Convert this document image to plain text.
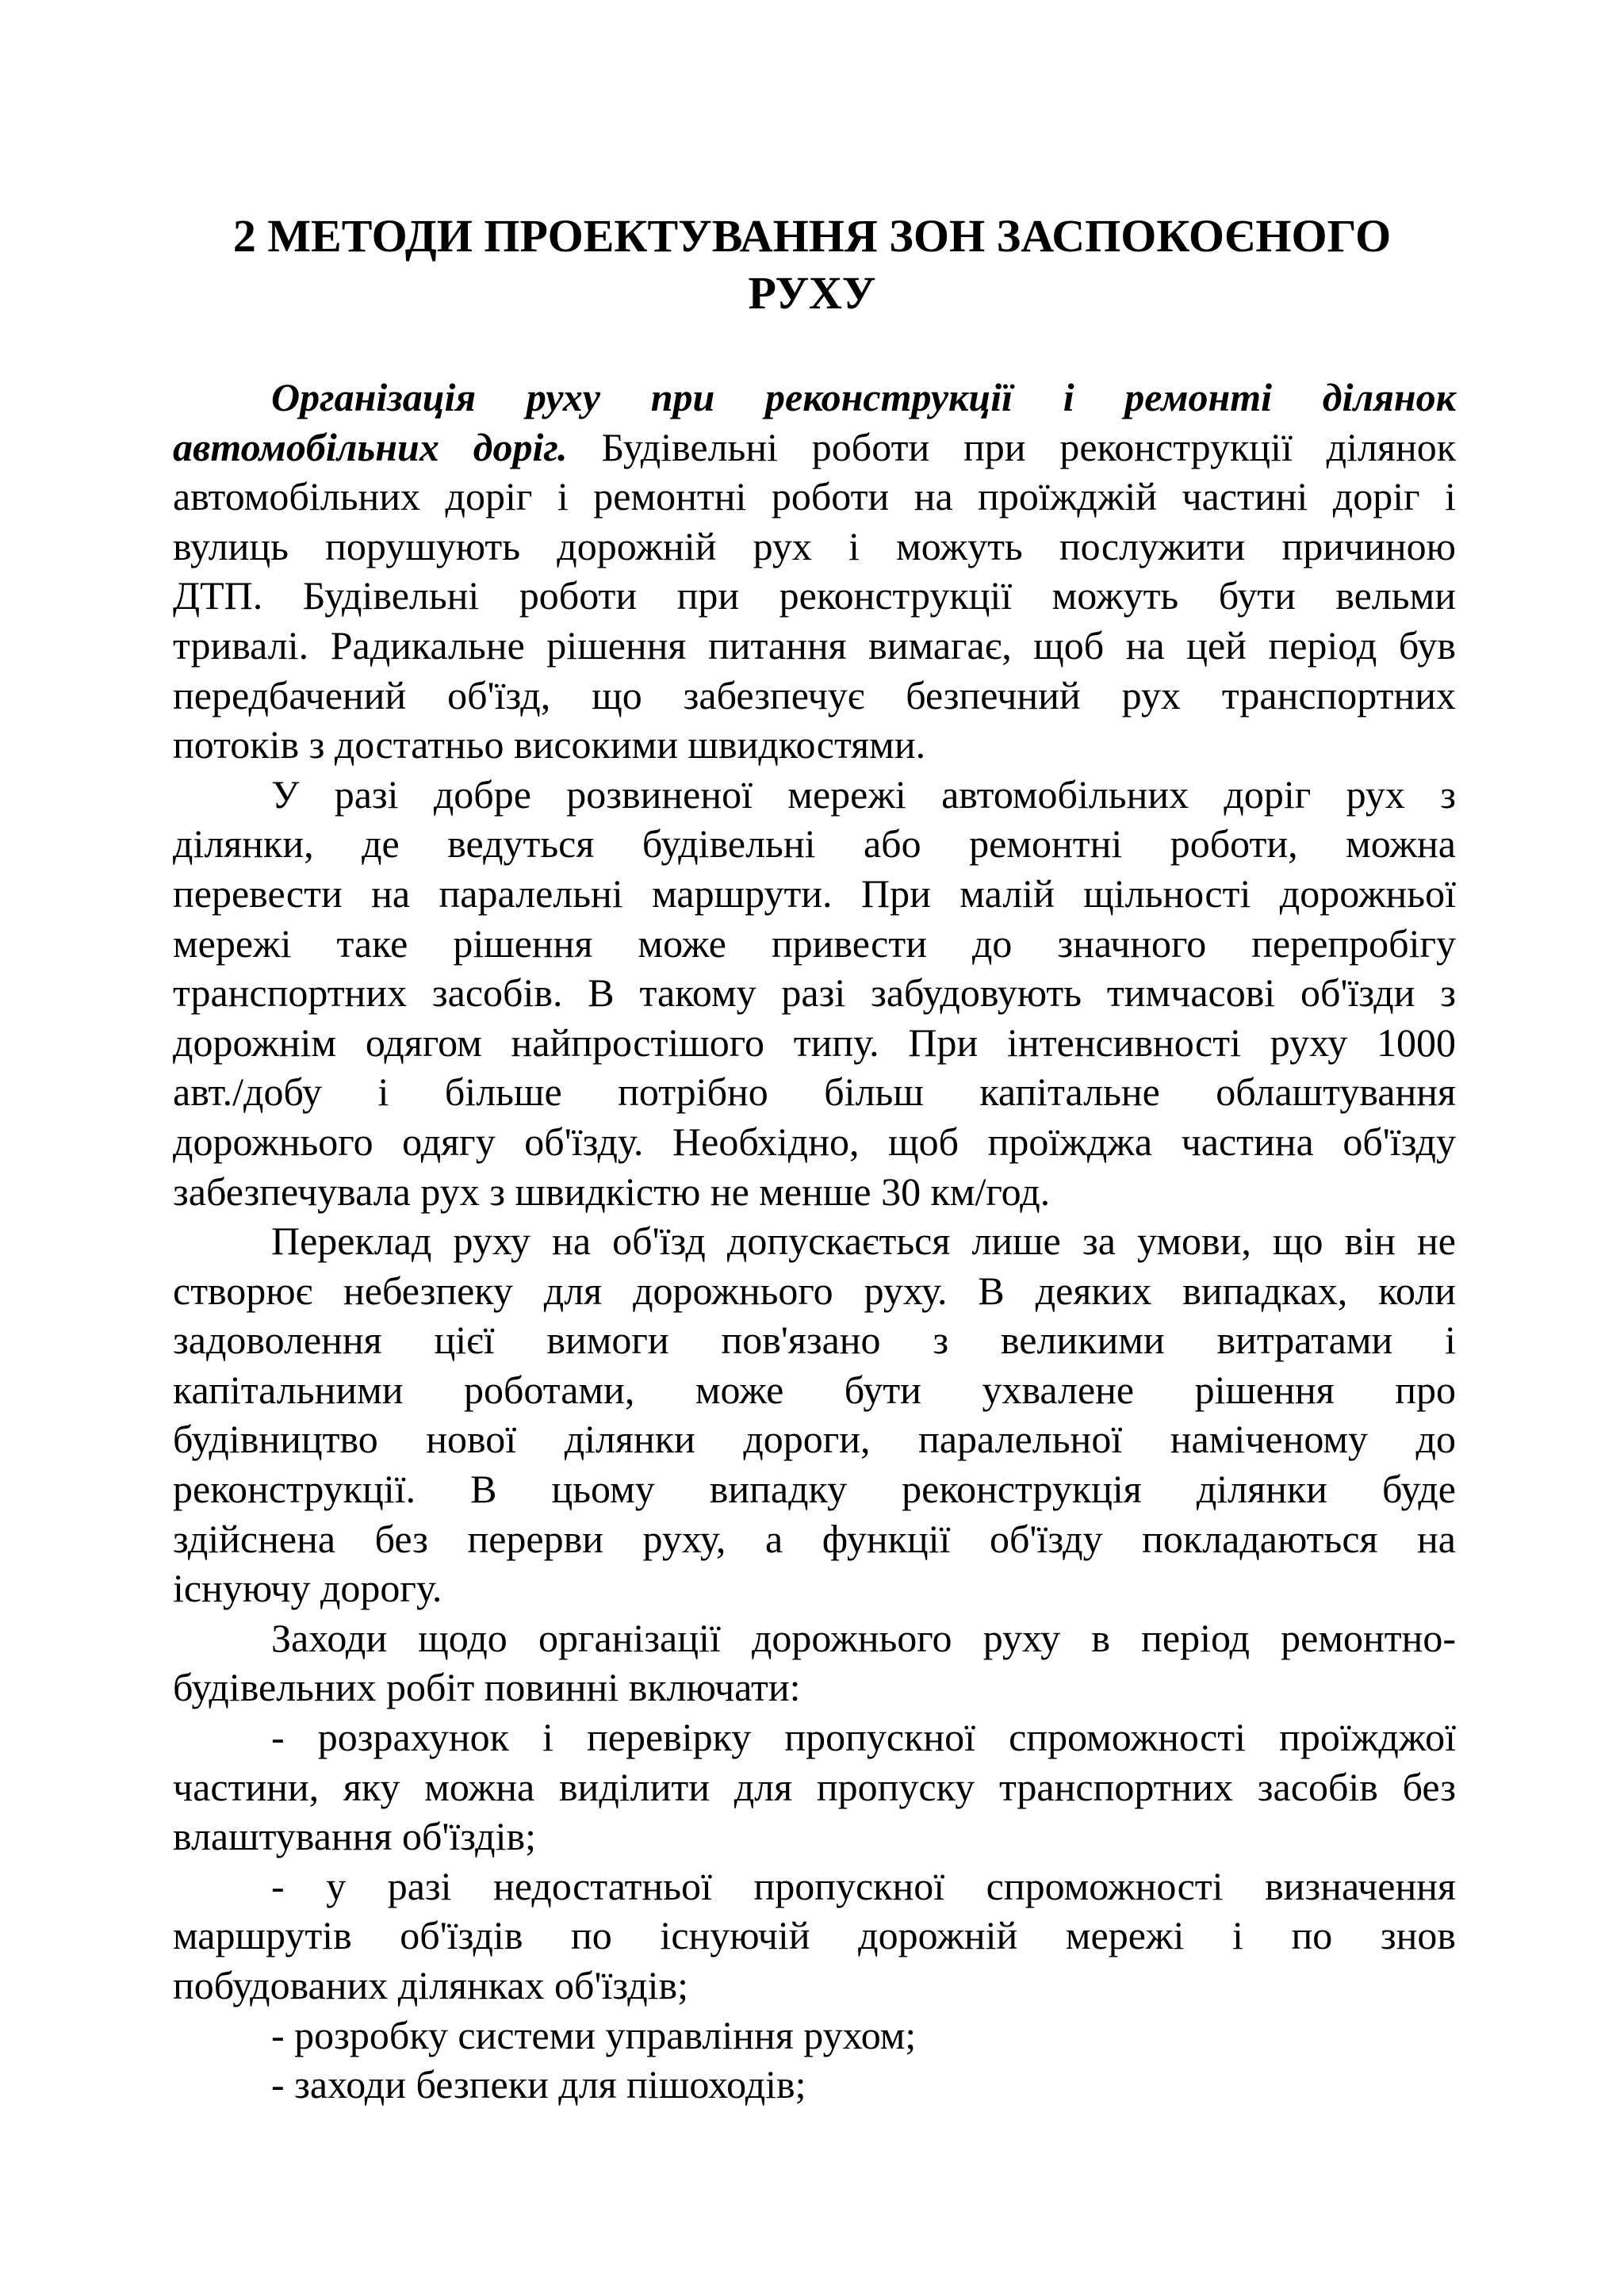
2 МЕТОДИ ПРОЕКТУВАННЯ ЗОН ЗАСПОКОЄНОГО
РУХУ
Організація руху при реконструкції і ремонті ділянок
автомобільних доріг. Будівельні роботи при реконструкції ділянок
автомобільних доріг і ремонтні роботи на проїжджій частині доріг і
вулиць порушують дорожній рух і можуть послужити причиною
ДТП. Будівельні роботи при реконструкції можуть бути вельми
тривалі. Радикальне рішення питання вимагає, щоб на цей період був
передбачений об'їзд, що забезпечує безпечний рух транспортних
потоків з достатньо високими швидкостями.
У разі добре розвиненої мережі автомобільних доріг рух з
ділянки, де ведуться будівельні або ремонтні роботи, можна
перевести на паралельні маршрути. При малій щільності дорожньої
мережі таке рішення може привести до значного перепробігу
транспортних засобів. В такому разі забудовують тимчасові об'їзди з
дорожнім одягом найпростішого типу. При інтенсивності руху 1000
авт./добу і більше потрібно більш капітальне облаштування
дорожнього одягу об'їзду. Необхідно, щоб проїжджа частина об'їзду
забезпечувала рух з швидкістю не менше 30 км/год.
Переклад руху на об'їзд допускається лише за умови, що він не
створює небезпеку для дорожнього руху. В деяких випадках, коли
задоволення цієї вимоги пов'язано з великими витратами і
капітальними роботами, може бути ухвалене рішення про
будівництво нової ділянки дороги, паралельної наміченому до
реконструкції. В цьому випадку реконструкція ділянки буде
здійснена без перерви руху, а функції об'їзду покладаються на
існуючу дорогу.
Заходи щодо організації дорожнього руху в період ремонтно-
будівельних робіт повинні включати:
- розрахунок і перевірку пропускної спроможності проїжджої
частини, яку можна виділити для пропуску транспортних засобів без
влаштування об'їздів;
- у разі недостатньої пропускної спроможності визначення
маршрутів об'їздів по існуючій дорожній мережі і по знов
побудованих ділянках об'їздів;
- розробку системи управління рухом;
- заходи безпеки для пішоходів;
